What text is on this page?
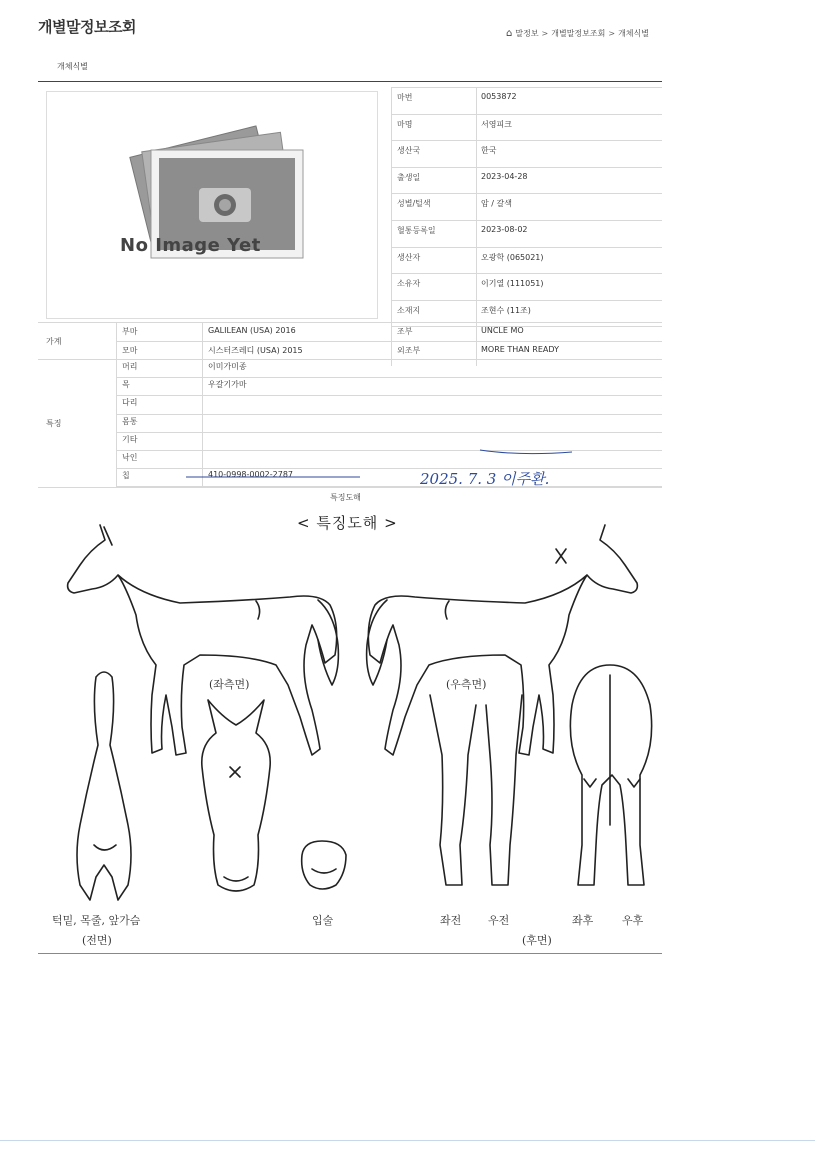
개별말정보조회	⌂ 말정보 > 개별말정보조회 > 개체식별
개체식별
No Image Yet
마번	0053872
마명	서영피크
생산국	한국
출생일	2023-04-28
성별/털색	암 / 갈색
혈통등록일	2023-08-02
생산자	오광학 (065021)
소유자	이기열 (111051)
소재지	조현수 (11조)
가계
부마	GALILEAN (USA) 2016	조부	UNCLE MO
모마	시스터즈레디 (USA) 2015	외조부	MORE THAN READY
특징
머리	이미가미종
목	우갈기가마
다리
몸통
기타
낙인
칩	410-0998-0002-2787	2025. 7. 3 이주환.
특징도해
< 특징도해 >
(좌측면)	(우측면)
턱밑, 목줄, 앞가슴
(전면)
입술	좌전 우전	좌후	우후
(후면)
